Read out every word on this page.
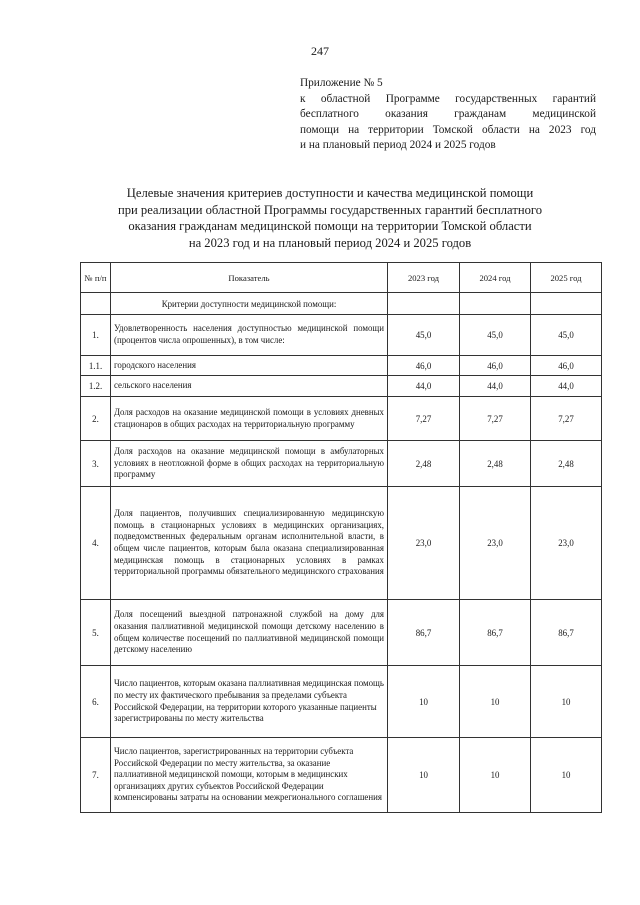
247
Приложение № 5
к областной Программе государственных гарантий
бесплатного оказания гражданам медицинской
помощи на территории Томской области на 2023 год
и на плановый период 2024 и 2025 годов
Целевые значения критериев доступности и качества медицинской помощи
при реализации областной Программы государственных гарантий бесплатного
оказания гражданам медицинской помощи на территории Томской области
на 2023 год и на плановый период 2024 и 2025 годов
№ п/п	Показатель	2023 год	2024 год	2025 год
	Критерии доступности медицинской помощи:			
1.	Удовлетворенность населения доступностью медицинской помощи (процентов числа опрошенных), в том числе:	45,0	45,0	45,0
1.1.	городского населения	46,0	46,0	46,0
1.2.	сельского населения	44,0	44,0	44,0
2.	Доля расходов на оказание медицинской помощи в условиях дневных стационаров в общих расходах на территориальную программу	7,27	7,27	7,27
3.	Доля расходов на оказание медицинской помощи в амбулаторных условиях в неотложной форме в общих расходах на территориальную программу	2,48	2,48	2,48
4.	Доля пациентов, получивших специализированную медицинскую помощь в стационарных условиях в медицинских организациях, подведомственных федеральным органам исполнительной власти, в общем числе пациентов, которым была оказана специализированная медицинская помощь в стационарных условиях в рамках территориальной программы обязательного медицинского страхования	23,0	23,0	23,0
5.	Доля посещений выездной патронажной службой на дому для оказания паллиативной медицинской помощи детскому населению в общем количестве посещений по паллиативной медицинской помощи детскому населению	86,7	86,7	86,7
6.	Число пациентов, которым оказана паллиативная медицинская помощь по месту их фактического пребывания за пределами субъекта Российской Федерации, на территории которого указанные пациенты зарегистрированы по месту жительства	10	10	10
7.	Число пациентов, зарегистрированных на территории субъекта Российской Федерации по месту жительства, за оказание паллиативной медицинской помощи, которым в медицинских организациях других субъектов Российской Федерации компенсированы затраты на основании межрегионального соглашения	10	10	10
